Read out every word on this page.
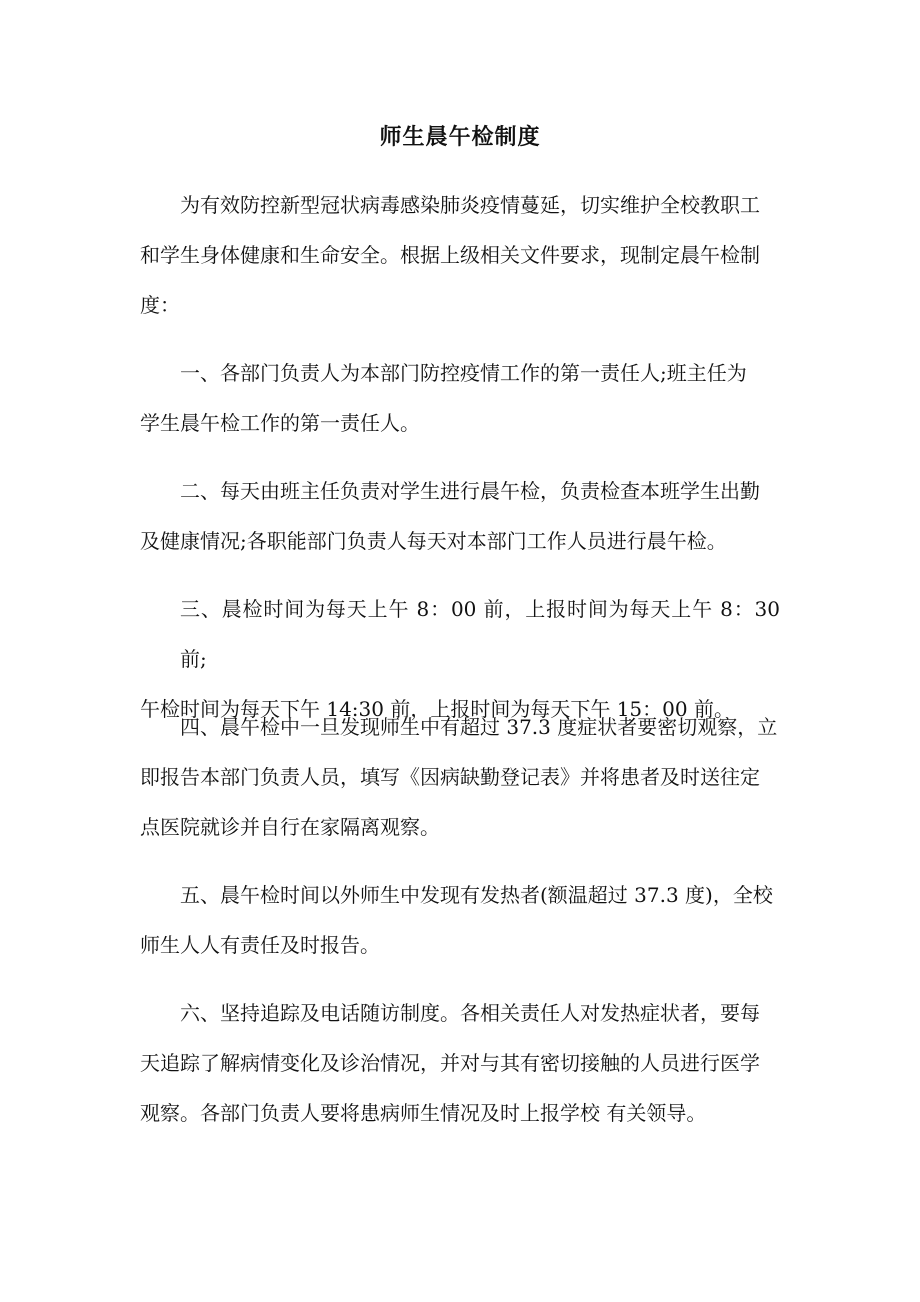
师生晨午检制度
为有效防控新型冠状病毒感染肺炎疫情蔓延，切实维护全校教职工
和学生身体健康和生命安全。根据上级相关文件要求，现制定晨午检制
度：
一、各部门负责人为本部门防控疫情工作的第一责任人;班主任为
学生晨午检工作的第一责任人。
二、每天由班主任负责对学生进行晨午检，负责检查本班学生出勤
及健康情况;各职能部门负责人每天对本部门工作人员进行晨午检。
三、晨检时间为每天上午 8：00 前，上报时间为每天上午 8：30 前;
午检时间为每天下午 14:30 前，上报时间为每天下午 15：00 前。
四、晨午检中一旦发现师生中有超过 37.3 度症状者要密切观察，立
即报告本部门负责人员，填写《因病缺勤登记表》并将患者及时送往定
点医院就诊并自行在家隔离观察。
五、晨午检时间以外师生中发现有发热者(额温超过 37.3 度)，全校
师生人人有责任及时报告。
六、坚持追踪及电话随访制度。各相关责任人对发热症状者，要每
天追踪了解病情变化及诊治情况，并对与其有密切接触的人员进行医学
观察。各部门负责人要将患病师生情况及时上报学校 有关领导。
